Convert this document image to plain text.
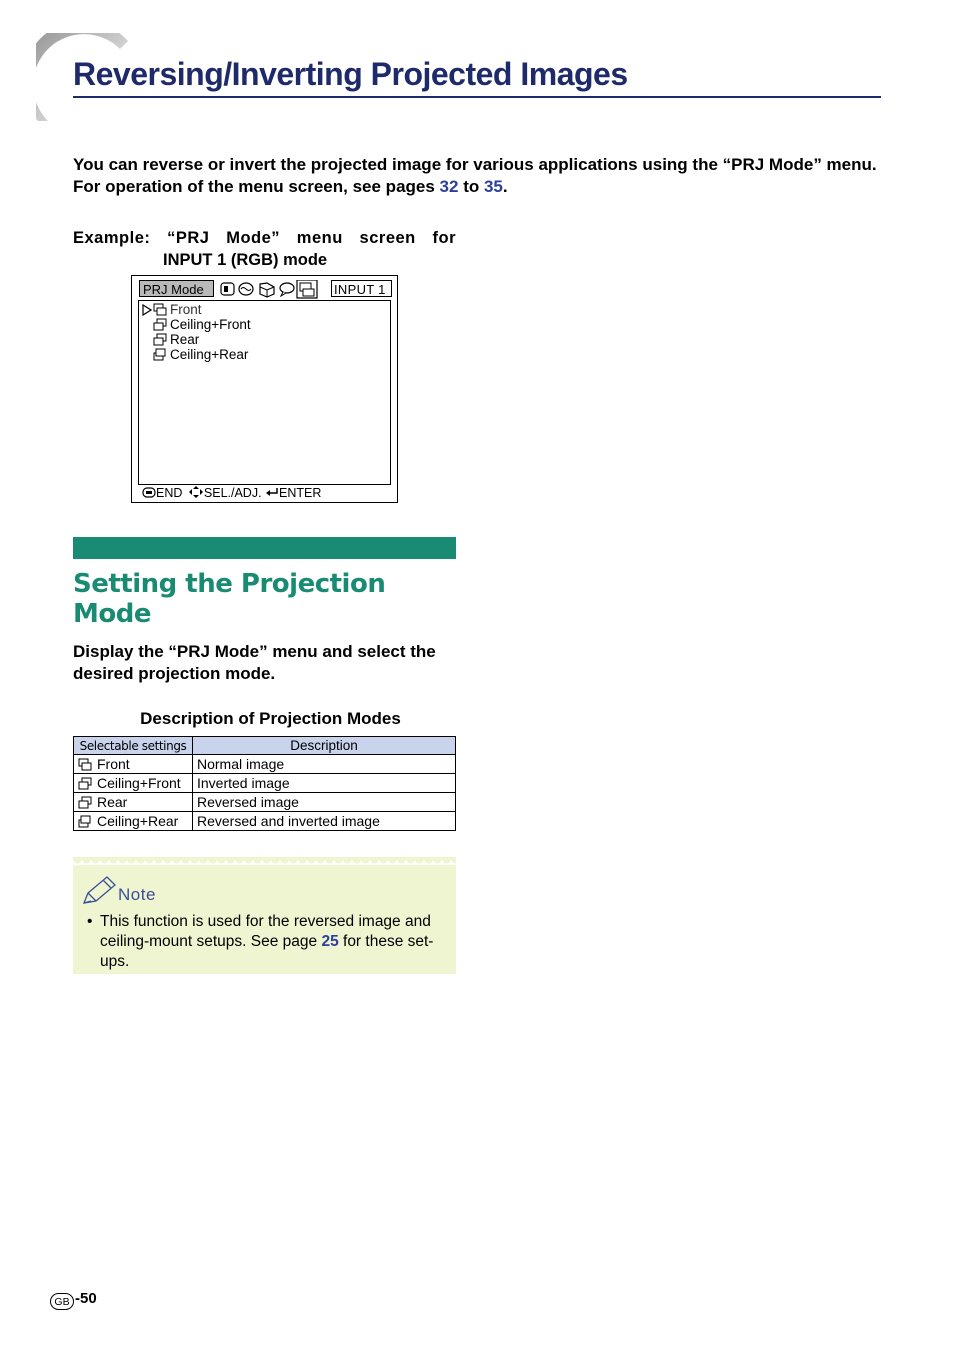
Reversing/Inverting Projected Images
You can reverse or invert the projected image for various applications using the “PRJ Mode” menu. For operation of the menu screen, see pages 32 to 35.
Example: “PRJ Mode” menu screen for
INPUT 1 (RGB) mode
PRJ Mode	INPUT 1
Front
Ceiling+Front
Rear
Ceiling+Rear
END SEL./ADJ. ENTER
Setting the Projection Mode
Display the “PRJ Mode” menu and select the desired projection mode.
Description of Projection Modes
Selectable settings	Description
Front	Normal image
Ceiling+Front	Inverted image
Rear	Reversed image
Ceiling+Rear	Reversed and inverted image
Note
• This function is used for the reversed image and ceiling-mount setups. See page 25 for these set-ups.
GB -50
